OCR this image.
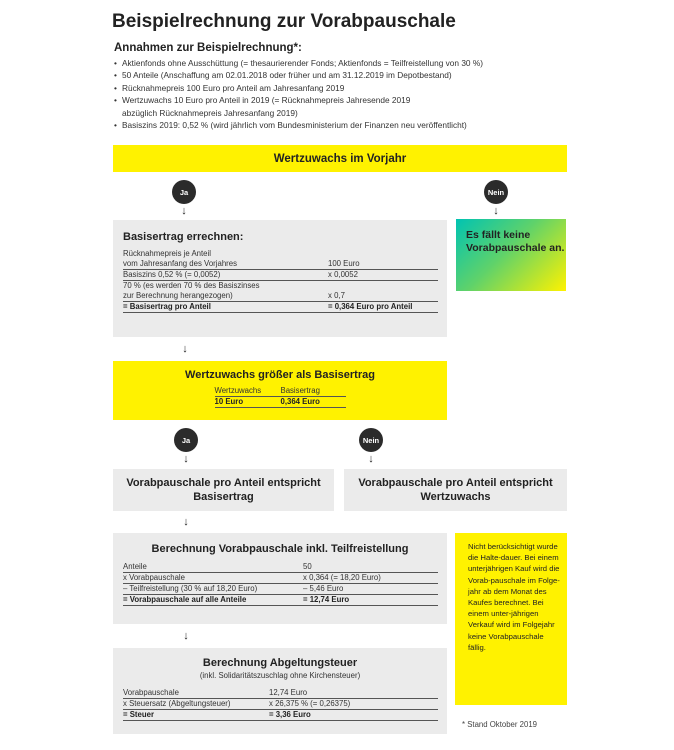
Beispielrechnung zur Vorabpauschale
Annahmen zur Beispielrechnung*:
• Aktienfonds ohne Ausschüttung (= thesaurierender Fonds; Aktienfonds = Teilfreistellung von 30 %)
• 50 Anteile (Anschaffung am 02.01.2018 oder früher und am 31.12.2019 im Depotbestand)
• Rücknahmepreis 100 Euro pro Anteil am Jahresanfang 2019
• Wertzuwachs 10 Euro pro Anteil in 2019 (= Rücknahmepreis Jahresende 2019
abzüglich Rücknahmepreis Jahresanfang 2019)
• Basiszins 2019: 0,52 % (wird jährlich vom Bundesministerium der Finanzen neu veröffentlicht)
Wertzuwachs im Vorjahr
Ja
↓
Nein
↓
Basisertrag errechnen:
Rücknahmepreis je Anteil	
vom Jahresanfang des Vorjahres	100 Euro
Basiszins 0,52 % (= 0,0052)	x 0,0052
70 % (es werden 70 % des Basiszinses	
zur Berechnung herangezogen)	x 0,7
= Basisertrag pro Anteil	= 0,364 Euro pro Anteil
Es fällt keine Vorabpauschale an.
↓
Wertzuwachs größer als Basisertrag
Wertzuwachs	Basisertrag
10 Euro	0,364 Euro
Ja
↓
Nein
↓
Vorabpauschale pro Anteil entspricht Basisertrag
Vorabpauschale pro Anteil entspricht Wertzuwachs
↓
Berechnung Vorabpauschale inkl. Teilfreistellung
Anteile	50
x Vorabpauschale	x 0,364 (= 18,20 Euro)
– Teilfreistellung (30 % auf 18,20 Euro)	– 5,46 Euro
= Vorabpauschale auf alle Anteile	= 12,74 Euro
Nicht berücksichtigt wurde die Halte-dauer. Bei einem unterjährigen Kauf wird die Vorab-pauschale im Folge-jahr ab dem Monat des Kaufes berechnet. Bei einem unter-jährigen Verkauf wird im Folgejahr keine Vorabpauschale fällig.
↓
Berechnung Abgeltungsteuer
(inkl. Solidaritätszuschlag ohne Kirchensteuer)
Vorabpauschale	12,74 Euro
x Steuersatz (Abgeltungsteuer)	x 26,375 % (= 0,26375)
= Steuer	= 3,36 Euro
* Stand Oktober 2019
